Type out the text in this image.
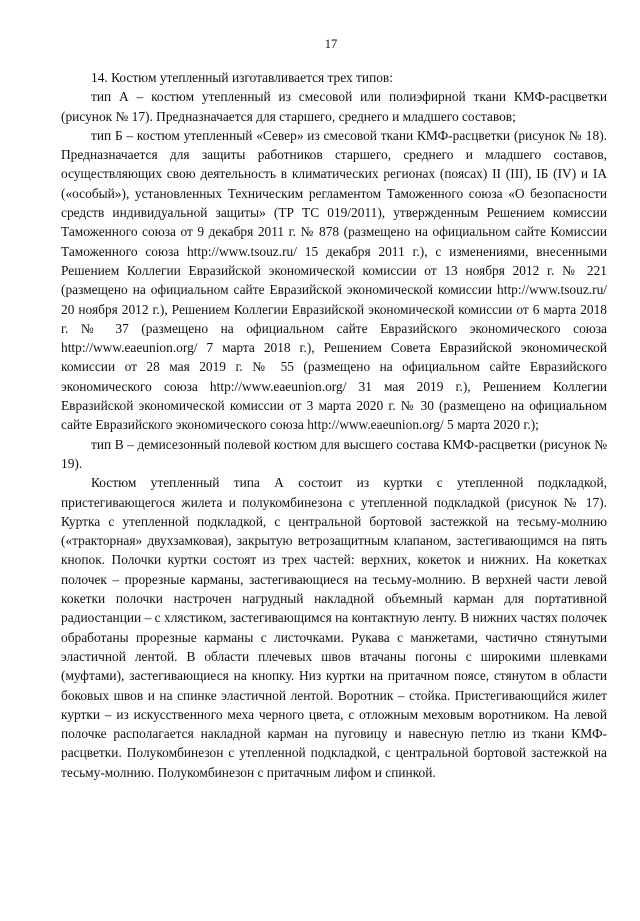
17

14. Костюм утепленный изготавливается трех типов:

тип А – костюм утепленный из смесовой или полиэфирной ткани КМФ-расцветки (рисунок № 17). Предназначается для старшего, среднего и младшего составов;

тип Б – костюм утепленный «Север» из смесовой ткани КМФ-расцветки (рисунок № 18). Предназначается для защиты работников старшего, среднего и младшего составов, осуществляющих свою деятельность в климатических регионах (поясах) II (III), IБ (IV) и IА («особый»), установленных Техническим регламентом Таможенного союза «О безопасности средств индивидуальной защиты» (ТР ТС 019/2011), утвержденным Решением комиссии Таможенного союза от 9 декабря 2011 г. № 878 (размещено на официальном сайте Комиссии Таможенного союза http://www.tsouz.ru/ 15 декабря 2011 г.), с изменениями, внесенными Решением Коллегии Евразийской экономической комиссии от 13 ноября 2012 г. № 221 (размещено на официальном сайте Евразийской экономической комиссии http://www.tsouz.ru/ 20 ноября 2012 г.), Решением Коллегии Евразийской экономической комиссии от 6 марта 2018 г. № 37 (размещено на официальном сайте Евразийского экономического союза http://www.eaeunion.org/ 7 марта 2018 г.), Решением Совета Евразийской экономической комиссии от 28 мая 2019 г. № 55 (размещено на официальном сайте Евразийского экономического союза http://www.eaeunion.org/ 31 мая 2019 г.), Решением Коллегии Евразийской экономической комиссии от 3 марта 2020 г. № 30 (размещено на официальном сайте Евразийского экономического союза http://www.eaeunion.org/ 5 марта 2020 г.);

тип В – демисезонный полевой костюм для высшего состава КМФ-расцветки (рисунок № 19).

Костюм утепленный типа А состоит из куртки с утепленной подкладкой, пристегивающегося жилета и полукомбинезона с утепленной подкладкой (рисунок № 17). Куртка с утепленной подкладкой, с центральной бортовой застежкой на тесьму-молнию («тракторная» двухзамковая), закрытую ветрозащитным клапаном, застегивающимся на пять кнопок. Полочки куртки состоят из трех частей: верхних, кокеток и нижних. На кокетках полочек – прорезные карманы, застегивающиеся на тесьму-молнию. В верхней части левой кокетки полочки настрочен нагрудный накладной объемный карман для портативной радиостанции – с хлястиком, застегивающимся на контактную ленту. В нижних частях полочек обработаны прорезные карманы с листочками. Рукава с манжетами, частично стянутыми эластичной лентой. В области плечевых швов втачаны погоны с широкими шлевками (муфтами), застегивающиеся на кнопку. Низ куртки на притачном поясе, стянутом в области боковых швов и на спинке эластичной лентой. Воротник – стойка. Пристегивающийся жилет куртки – из искусственного меха черного цвета, с отложным меховым воротником. На левой полочке располагается накладной карман на пуговицу и навесную петлю из ткани КМФ-расцветки. Полукомбинезон с утепленной подкладкой, с центральной бортовой застежкой на тесьму-молнию. Полукомбинезон с притачным лифом и спинкой.
